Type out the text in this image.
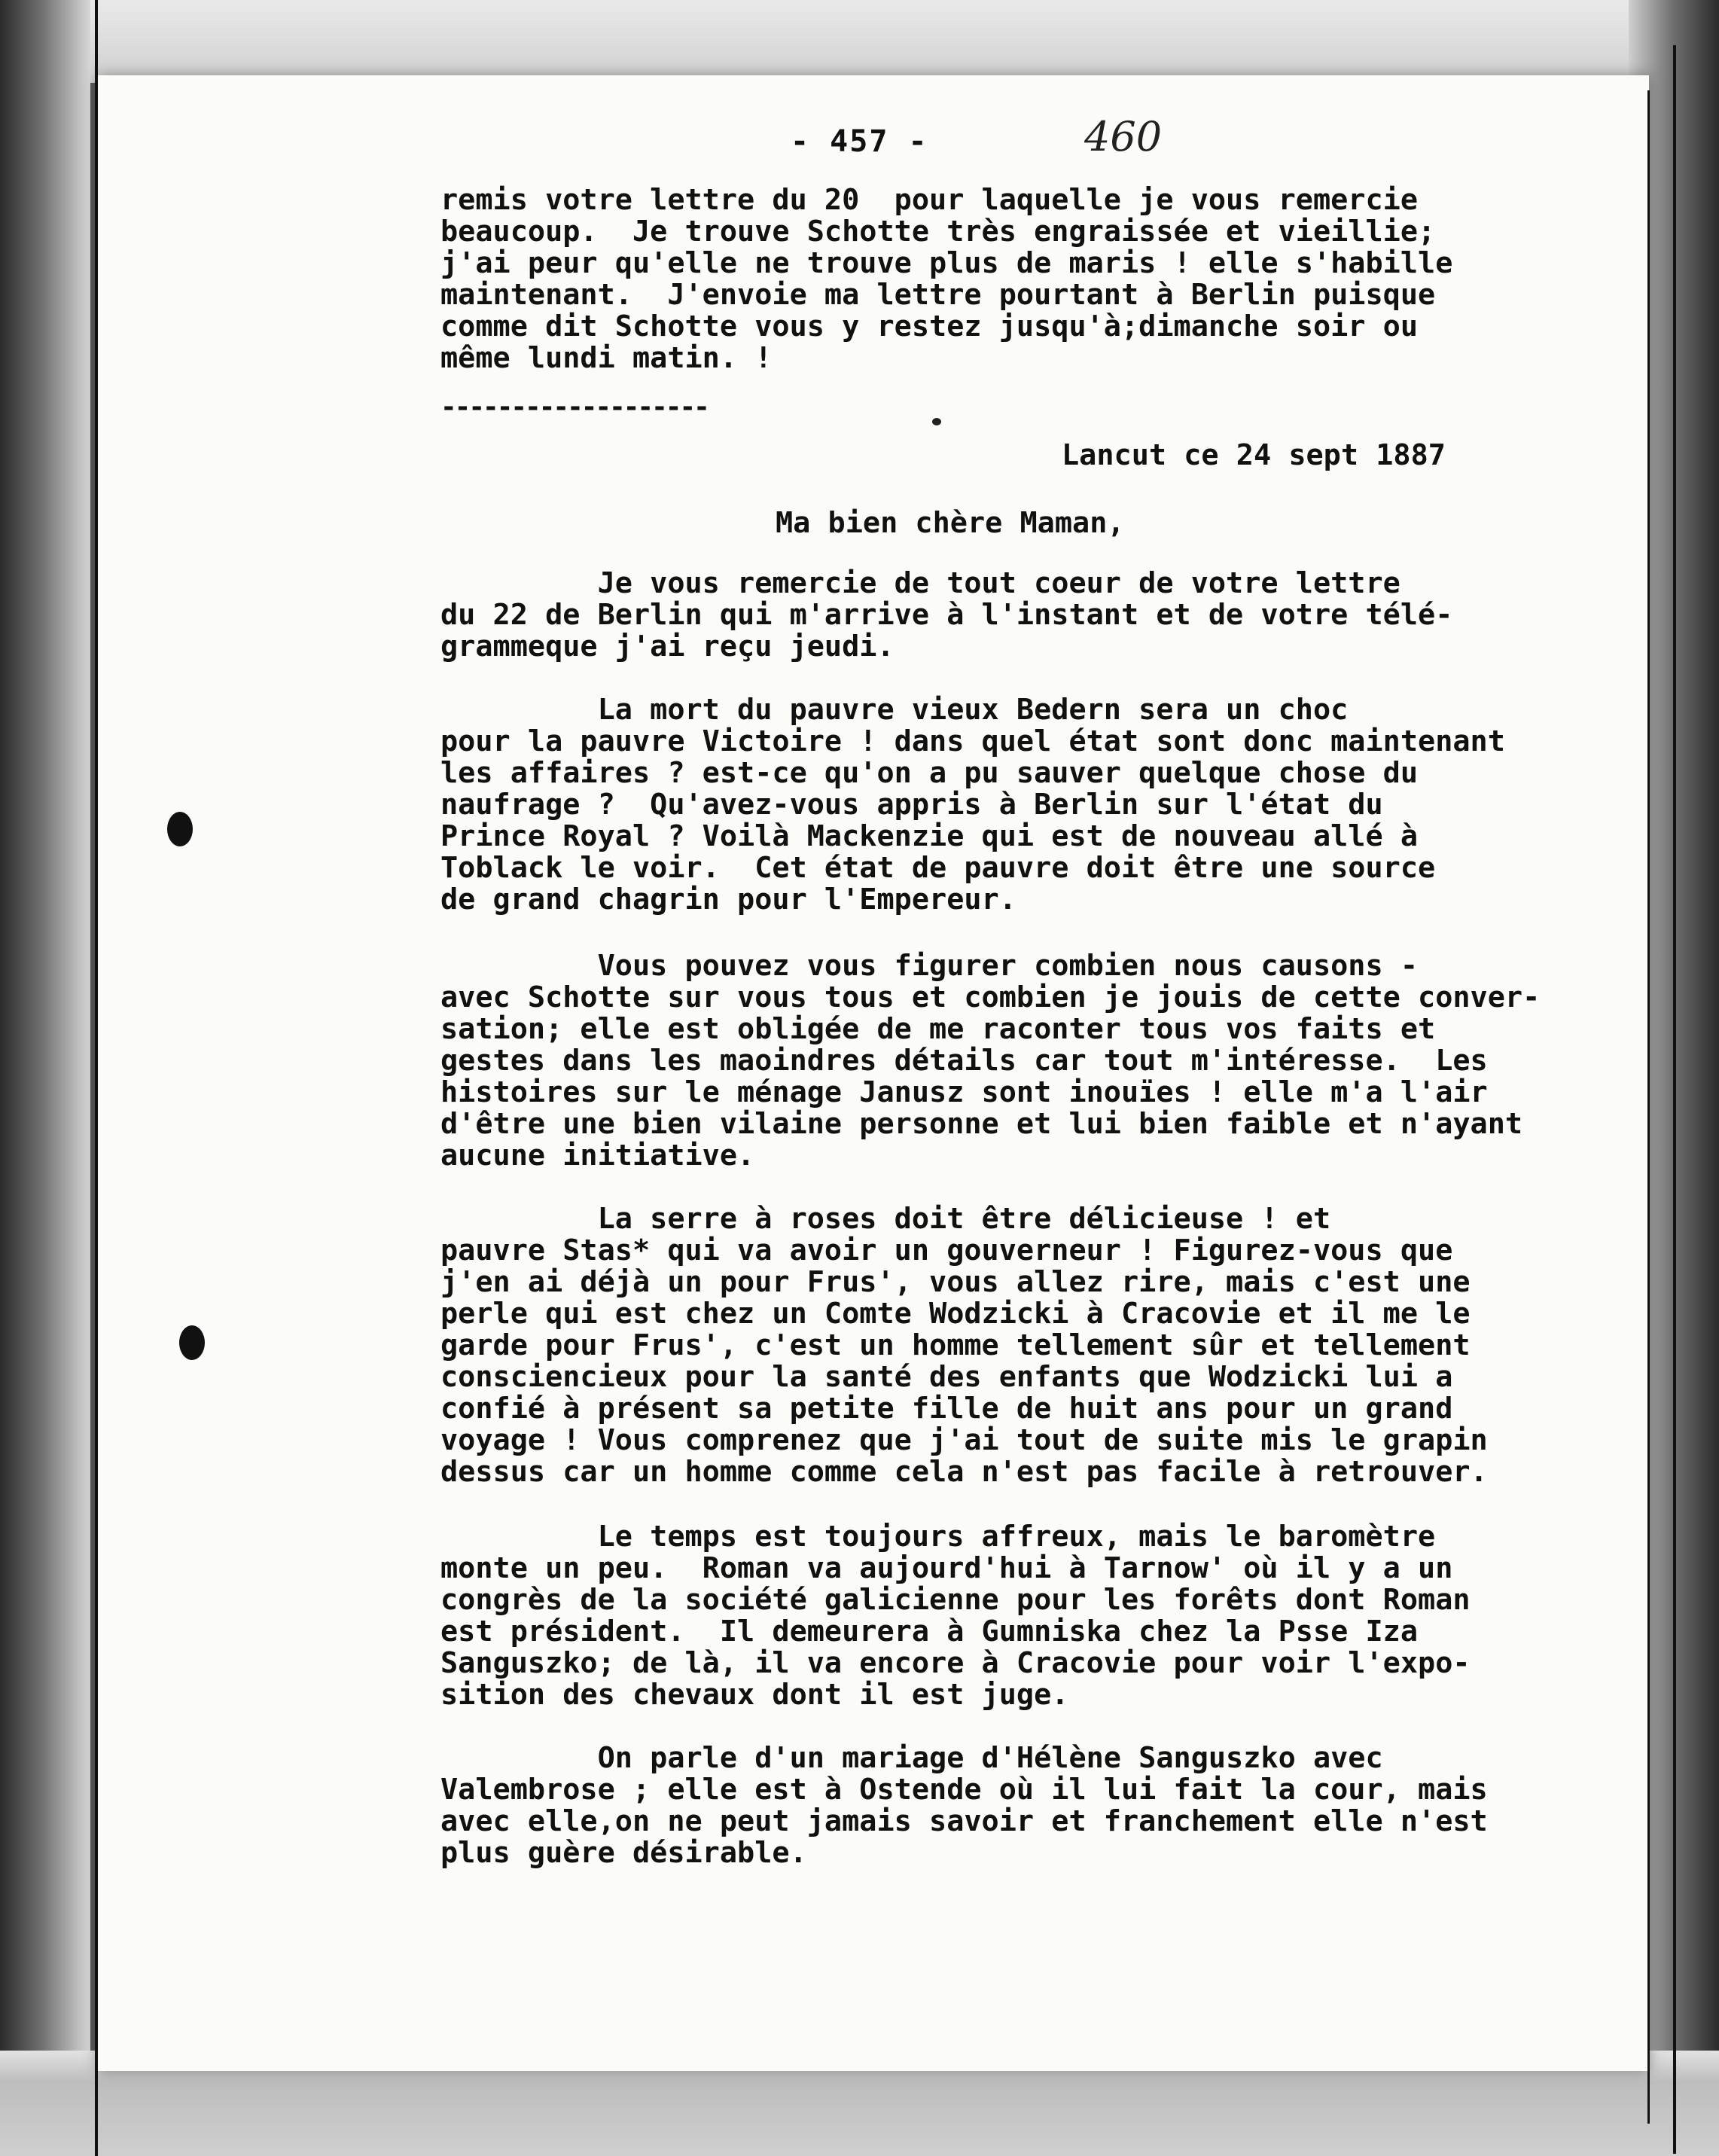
- 457 -	460
remis votre lettre du 20  pour laquelle je vous remercie
beaucoup.  Je trouve Schotte très engraissée et vieillie;
j'ai peur qu'elle ne trouve plus de maris ! elle s'habille
maintenant.  J'envoie ma lettre pourtant à Berlin puisque
comme dit Schotte vous y restez jusqu'à;dimanche soir ou
même lundi matin. !
-------------------
Lancut ce 24 sept 1887
Ma bien chère Maman,
Je vous remercie de tout coeur de votre lettre
du 22 de Berlin qui m'arrive à l'instant et de votre télé-
grammeque j'ai reçu jeudi.
La mort du pauvre vieux Bedern sera un choc
pour la pauvre Victoire ! dans quel état sont donc maintenant
les affaires ? est-ce qu'on a pu sauver quelque chose du
naufrage ?  Qu'avez-vous appris à Berlin sur l'état du
Prince Royal ? Voilà Mackenzie qui est de nouveau allé à
Toblack le voir.  Cet état de pauvre doit être une source
de grand chagrin pour l'Empereur.
Vous pouvez vous figurer combien nous causons -
avec Schotte sur vous tous et combien je jouis de cette conver-
sation; elle est obligée de me raconter tous vos faits et
gestes dans les maoindres détails car tout m'intéresse.  Les
histoires sur le ménage Janusz sont inouïes ! elle m'a l'air
d'être une bien vilaine personne et lui bien faible et n'ayant
aucune initiative.
La serre à roses doit être délicieuse ! et
pauvre Stas* qui va avoir un gouverneur ! Figurez-vous que
j'en ai déjà un pour Frus', vous allez rire, mais c'est une
perle qui est chez un Comte Wodzicki à Cracovie et il me le
garde pour Frus', c'est un homme tellement sûr et tellement
consciencieux pour la santé des enfants que Wodzicki lui a
confié à présent sa petite fille de huit ans pour un grand
voyage ! Vous comprenez que j'ai tout de suite mis le grapin
dessus car un homme comme cela n'est pas facile à retrouver.
Le temps est toujours affreux, mais le baromètre
monte un peu.  Roman va aujourd'hui à Tarnow' où il y a un
congrès de la société galicienne pour les forêts dont Roman
est président.  Il demeurera à Gumniska chez la Psse Iza
Sanguszko; de là, il va encore à Cracovie pour voir l'expo-
sition des chevaux dont il est juge.
On parle d'un mariage d'Hélène Sanguszko avec
Valembrose ; elle est à Ostende où il lui fait la cour, mais
avec elle,on ne peut jamais savoir et franchement elle n'est
plus guère désirable.
